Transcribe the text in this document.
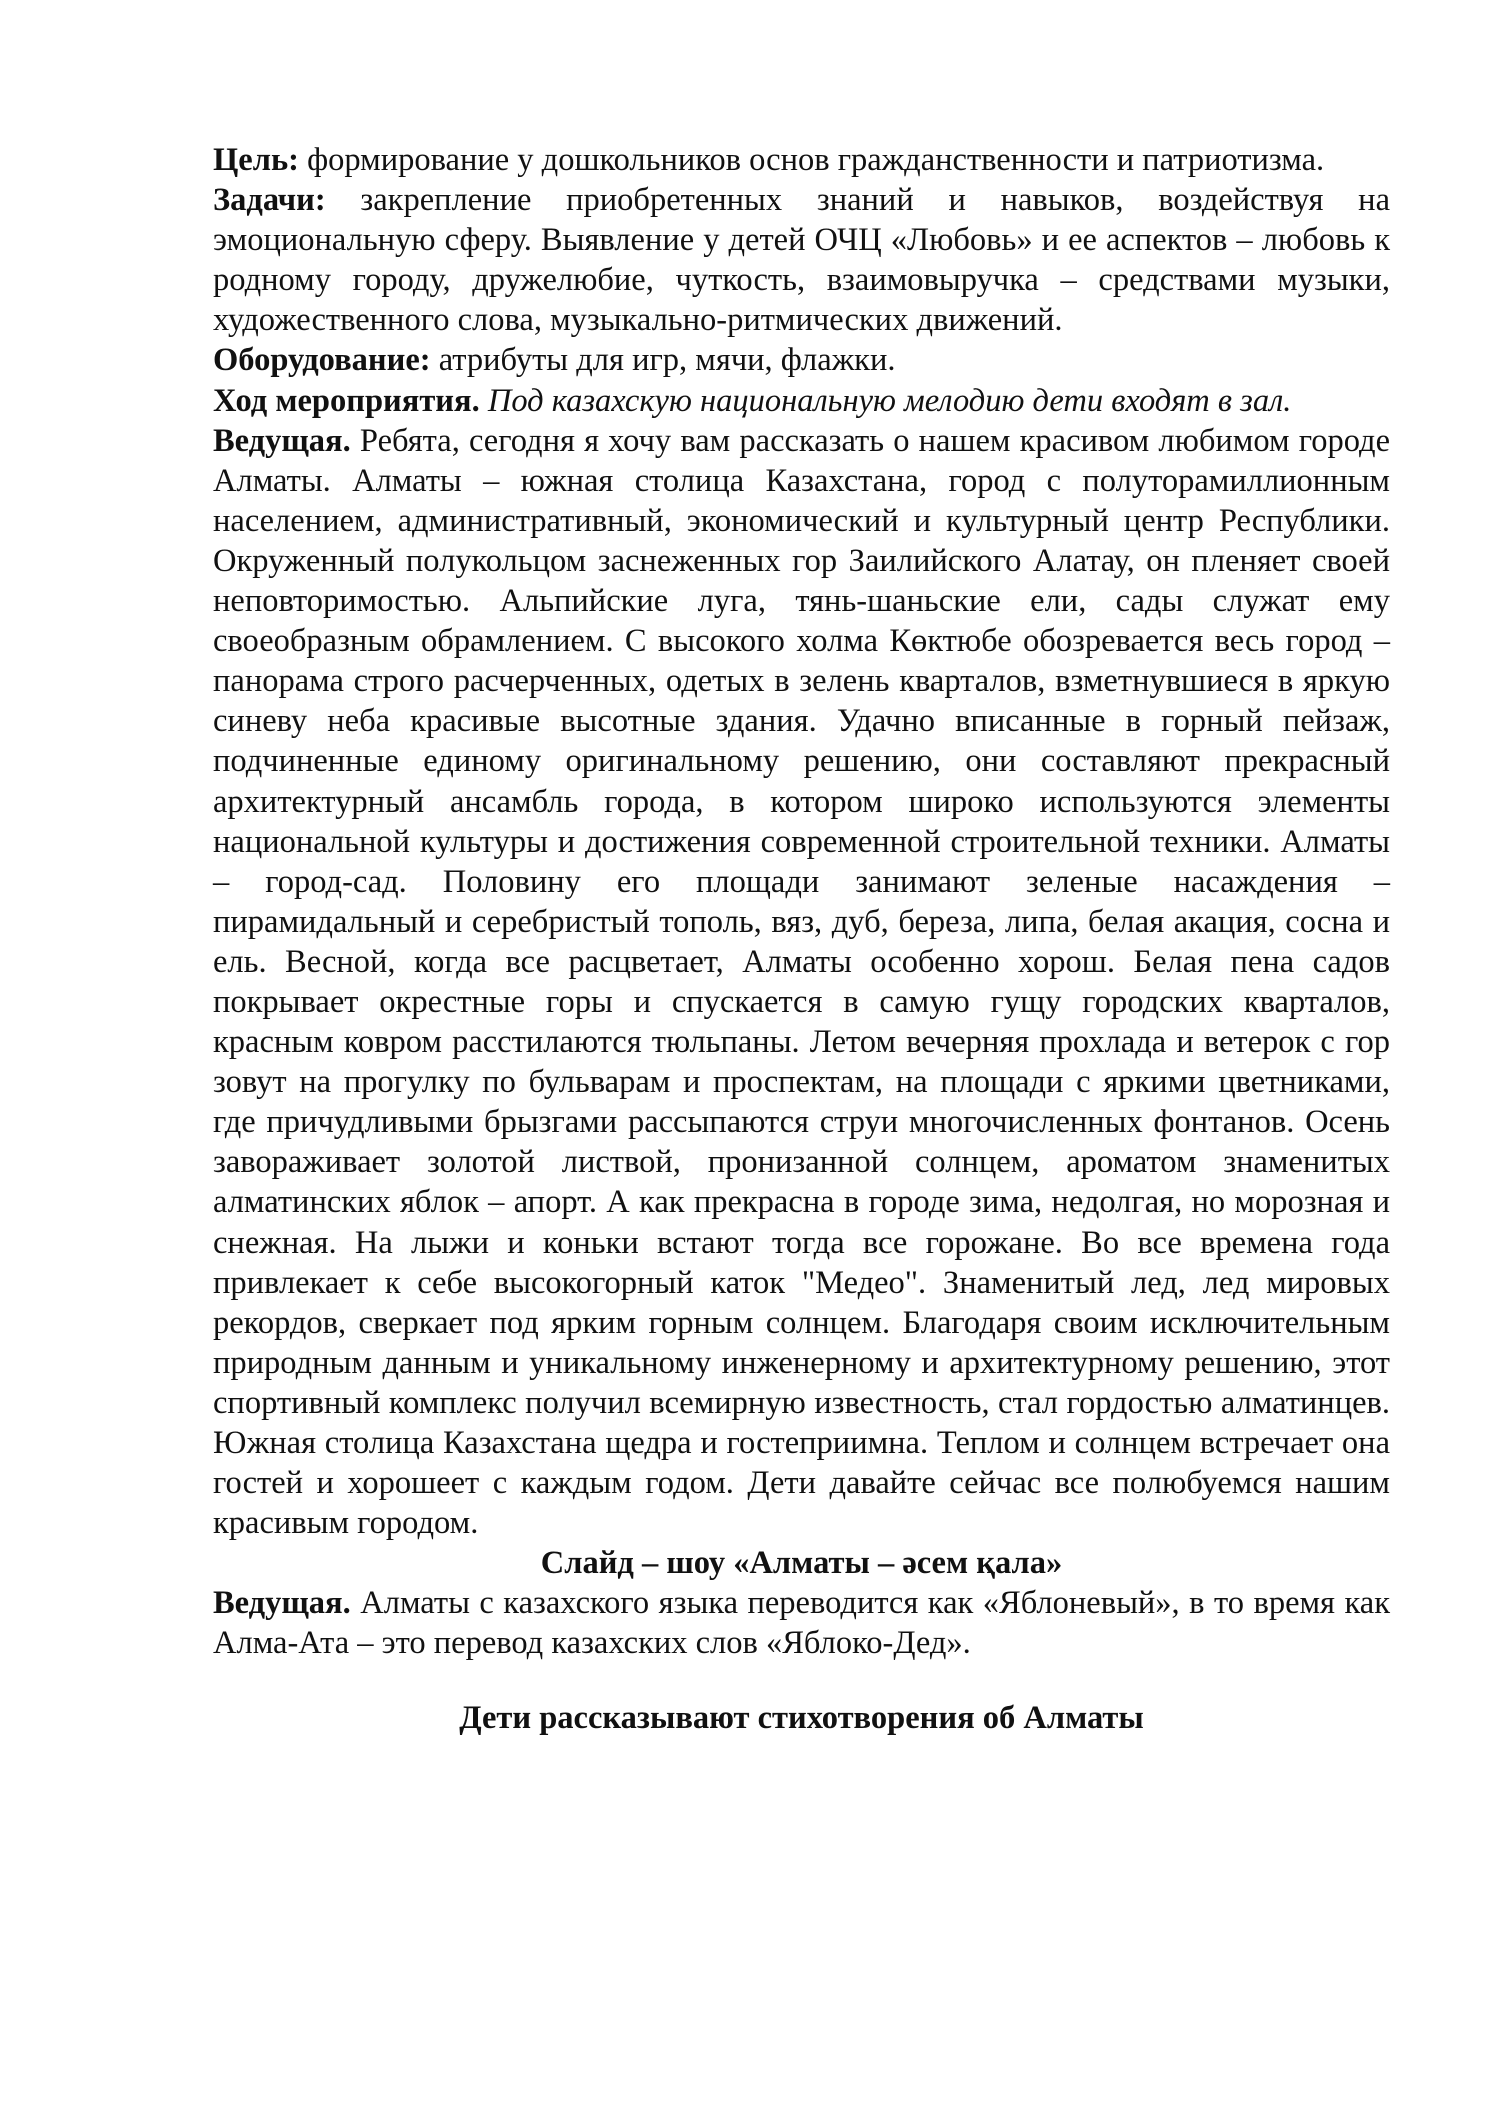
Цель: формирование у дошкольников основ гражданственности и патриотизма.

Задачи: закрепление приобретенных знаний и навыков, воздействуя на эмоциональную сферу. Выявление у детей ОЧЦ «Любовь» и ее аспектов – любовь к родному городу, дружелюбие, чуткость, взаимовыручка – средствами музыки, художественного слова, музыкально-ритмических движений.

Оборудование: атрибуты для игр, мячи, флажки.

Ход мероприятия. Под казахскую национальную мелодию дети входят в зал.

Ведущая. Ребята, сегодня я хочу вам рассказать о нашем красивом любимом городе Алматы. Алматы – южная столица Казахстана, город с полуторамиллионным населением, административный, экономический и культурный центр Республики. Окруженный полукольцом заснеженных гор Заилийского Алатау, он пленяет своей неповторимостью. Альпийские луга, тянь-шаньские ели, сады служат ему своеобразным обрамлением. С высокого холма Көктюбе обозревается весь город – панорама строго расчерченных, одетых в зелень кварталов, взметнувшиеся в яркую синеву неба красивые высотные здания. Удачно вписанные в горный пейзаж, подчиненные единому оригинальному решению, они составляют прекрасный архитектурный ансамбль города, в котором широко используются элементы национальной культуры и достижения современной строительной техники. Алматы – город-сад. Половину его площади занимают зеленые насаждения – пирамидальный и серебристый тополь, вяз, дуб, береза, липа, белая акация, сосна и ель. Весной, когда все расцветает, Алматы особенно хорош. Белая пена садов покрывает окрестные горы и спускается в самую гущу городских кварталов, красным ковром расстилаются тюльпаны. Летом вечерняя прохлада и ветерок с гор зовут на прогулку по бульварам и проспектам, на площади с яркими цветниками, где причудливыми брызгами рассыпаются струи многочисленных фонтанов. Осень завораживает золотой листвой, пронизанной солнцем, ароматом знаменитых алматинских яблок – апорт. А как прекрасна в городе зима, недолгая, но морозная и снежная. На лыжи и коньки встают тогда все горожане. Во все времена года привлекает к себе высокогорный каток "Медео". Знаменитый лед, лед мировых рекордов, сверкает под ярким горным солнцем. Благодаря своим исключительным природным данным и уникальному инженерному и архитектурному решению, этот спортивный комплекс получил всемирную известность, стал гордостью алматинцев. Южная столица Казахстана щедра и гостеприимна. Теплом и солнцем встречает она гостей и хорошеет с каждым годом. Дети давайте сейчас все полюбуемся нашим красивым городом.

Слайд – шоу «Алматы – әсем қала»

Ведущая. Алматы с казахского языка переводится как «Яблоневый», в то время как Алма-Ата – это перевод казахских слов «Яблоко-Дед».

Дети рассказывают стихотворения об Алматы
